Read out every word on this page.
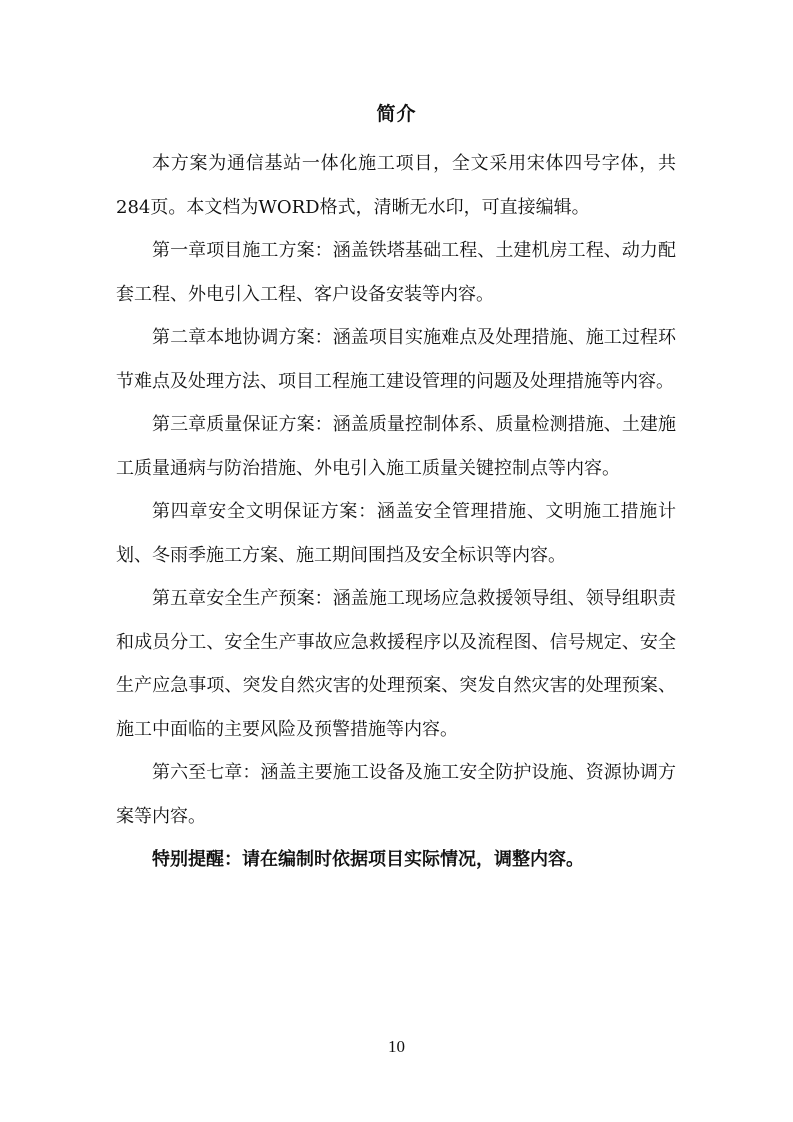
简介

本方案为通信基站一体化施工项目，全文采用宋体四号字体，共284页。本文档为WORD格式，清晰无水印，可直接编辑。

第一章项目施工方案：涵盖铁塔基础工程、土建机房工程、动力配套工程、外电引入工程、客户设备安装等内容。

第二章本地协调方案：涵盖项目实施难点及处理措施、施工过程环节难点及处理方法、项目工程施工建设管理的问题及处理措施等内容。

第三章质量保证方案：涵盖质量控制体系、质量检测措施、土建施工质量通病与防治措施、外电引入施工质量关键控制点等内容。

第四章安全文明保证方案：涵盖安全管理措施、文明施工措施计划、冬雨季施工方案、施工期间围挡及安全标识等内容。

第五章安全生产预案：涵盖施工现场应急救援领导组、领导组职责和成员分工、安全生产事故应急救援程序以及流程图、信号规定、安全生产应急事项、突发自然灾害的处理预案、突发自然灾害的处理预案、施工中面临的主要风险及预警措施等内容。

第六至七章：涵盖主要施工设备及施工安全防护设施、资源协调方案等内容。

特别提醒：请在编制时依据项目实际情况，调整内容。

10
